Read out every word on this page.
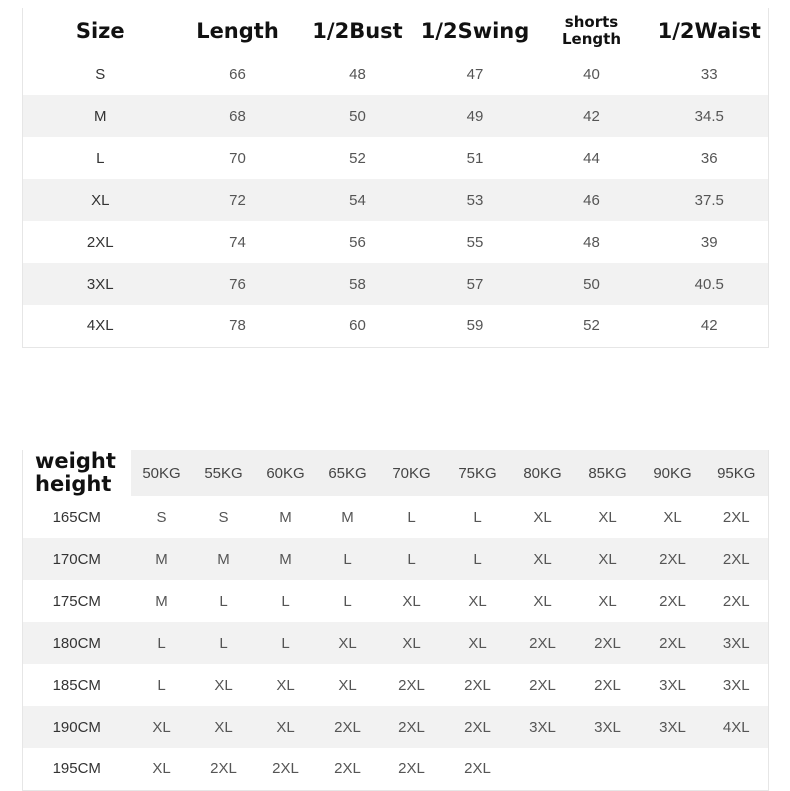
Size	Length	1/2Bust	1/2Swing	shorts Length	1/2Waist
S	66	48	47	40	33
M	68	50	49	42	34.5
L	70	52	51	44	36
XL	72	54	53	46	37.5
2XL	74	56	55	48	39
3XL	76	58	57	50	40.5
4XL	78	60	59	52	42
weight
height	50KG	55KG	60KG	65KG	70KG	75KG	80KG	85KG	90KG	95KG
165CM	S	S	M	M	L	L	XL	XL	XL	2XL
170CM	M	M	M	L	L	L	XL	XL	2XL	2XL
175CM	M	L	L	L	XL	XL	XL	XL	2XL	2XL
180CM	L	L	L	XL	XL	XL	2XL	2XL	2XL	3XL
185CM	L	XL	XL	XL	2XL	2XL	2XL	2XL	3XL	3XL
190CM	XL	XL	XL	2XL	2XL	2XL	3XL	3XL	3XL	4XL
195CM	XL	2XL	2XL	2XL	2XL	2XL				
